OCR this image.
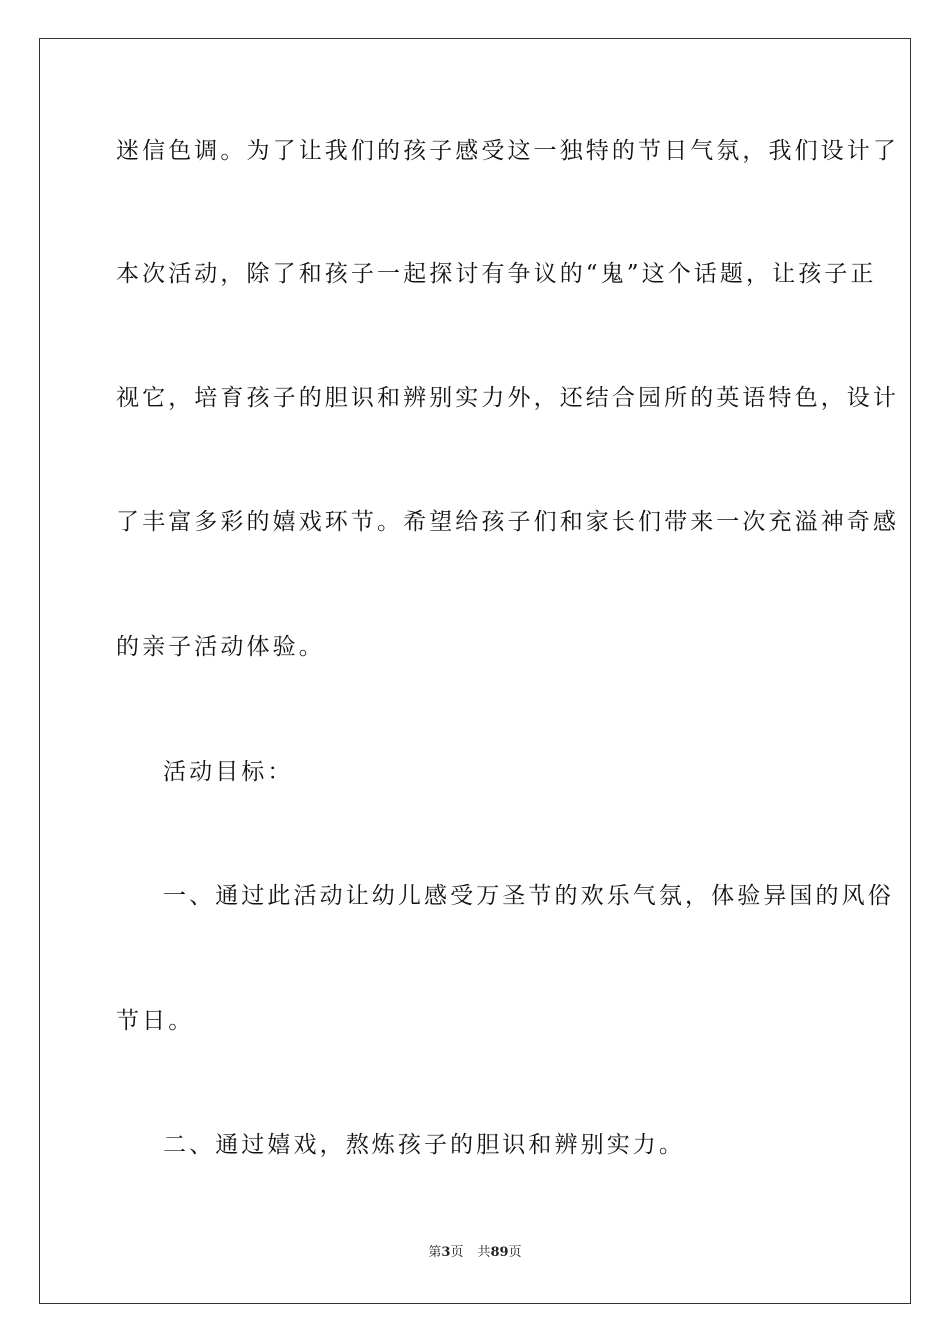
迷信色调。为了让我们的孩子感受这一独特的节日气氛，我们设计了
本次活动，除了和孩子一起探讨有争议的“鬼”这个话题，让孩子正
视它，培育孩子的胆识和辨别实力外，还结合园所的英语特色，设计
了丰富多彩的嬉戏环节。希望给孩子们和家长们带来一次充溢神奇感
的亲子活动体验。
活动目标：
一、通过此活动让幼儿感受万圣节的欢乐气氛，体验异国的风俗
节日。
二、通过嬉戏，熬炼孩子的胆识和辨别实力。
第3页 共89页
